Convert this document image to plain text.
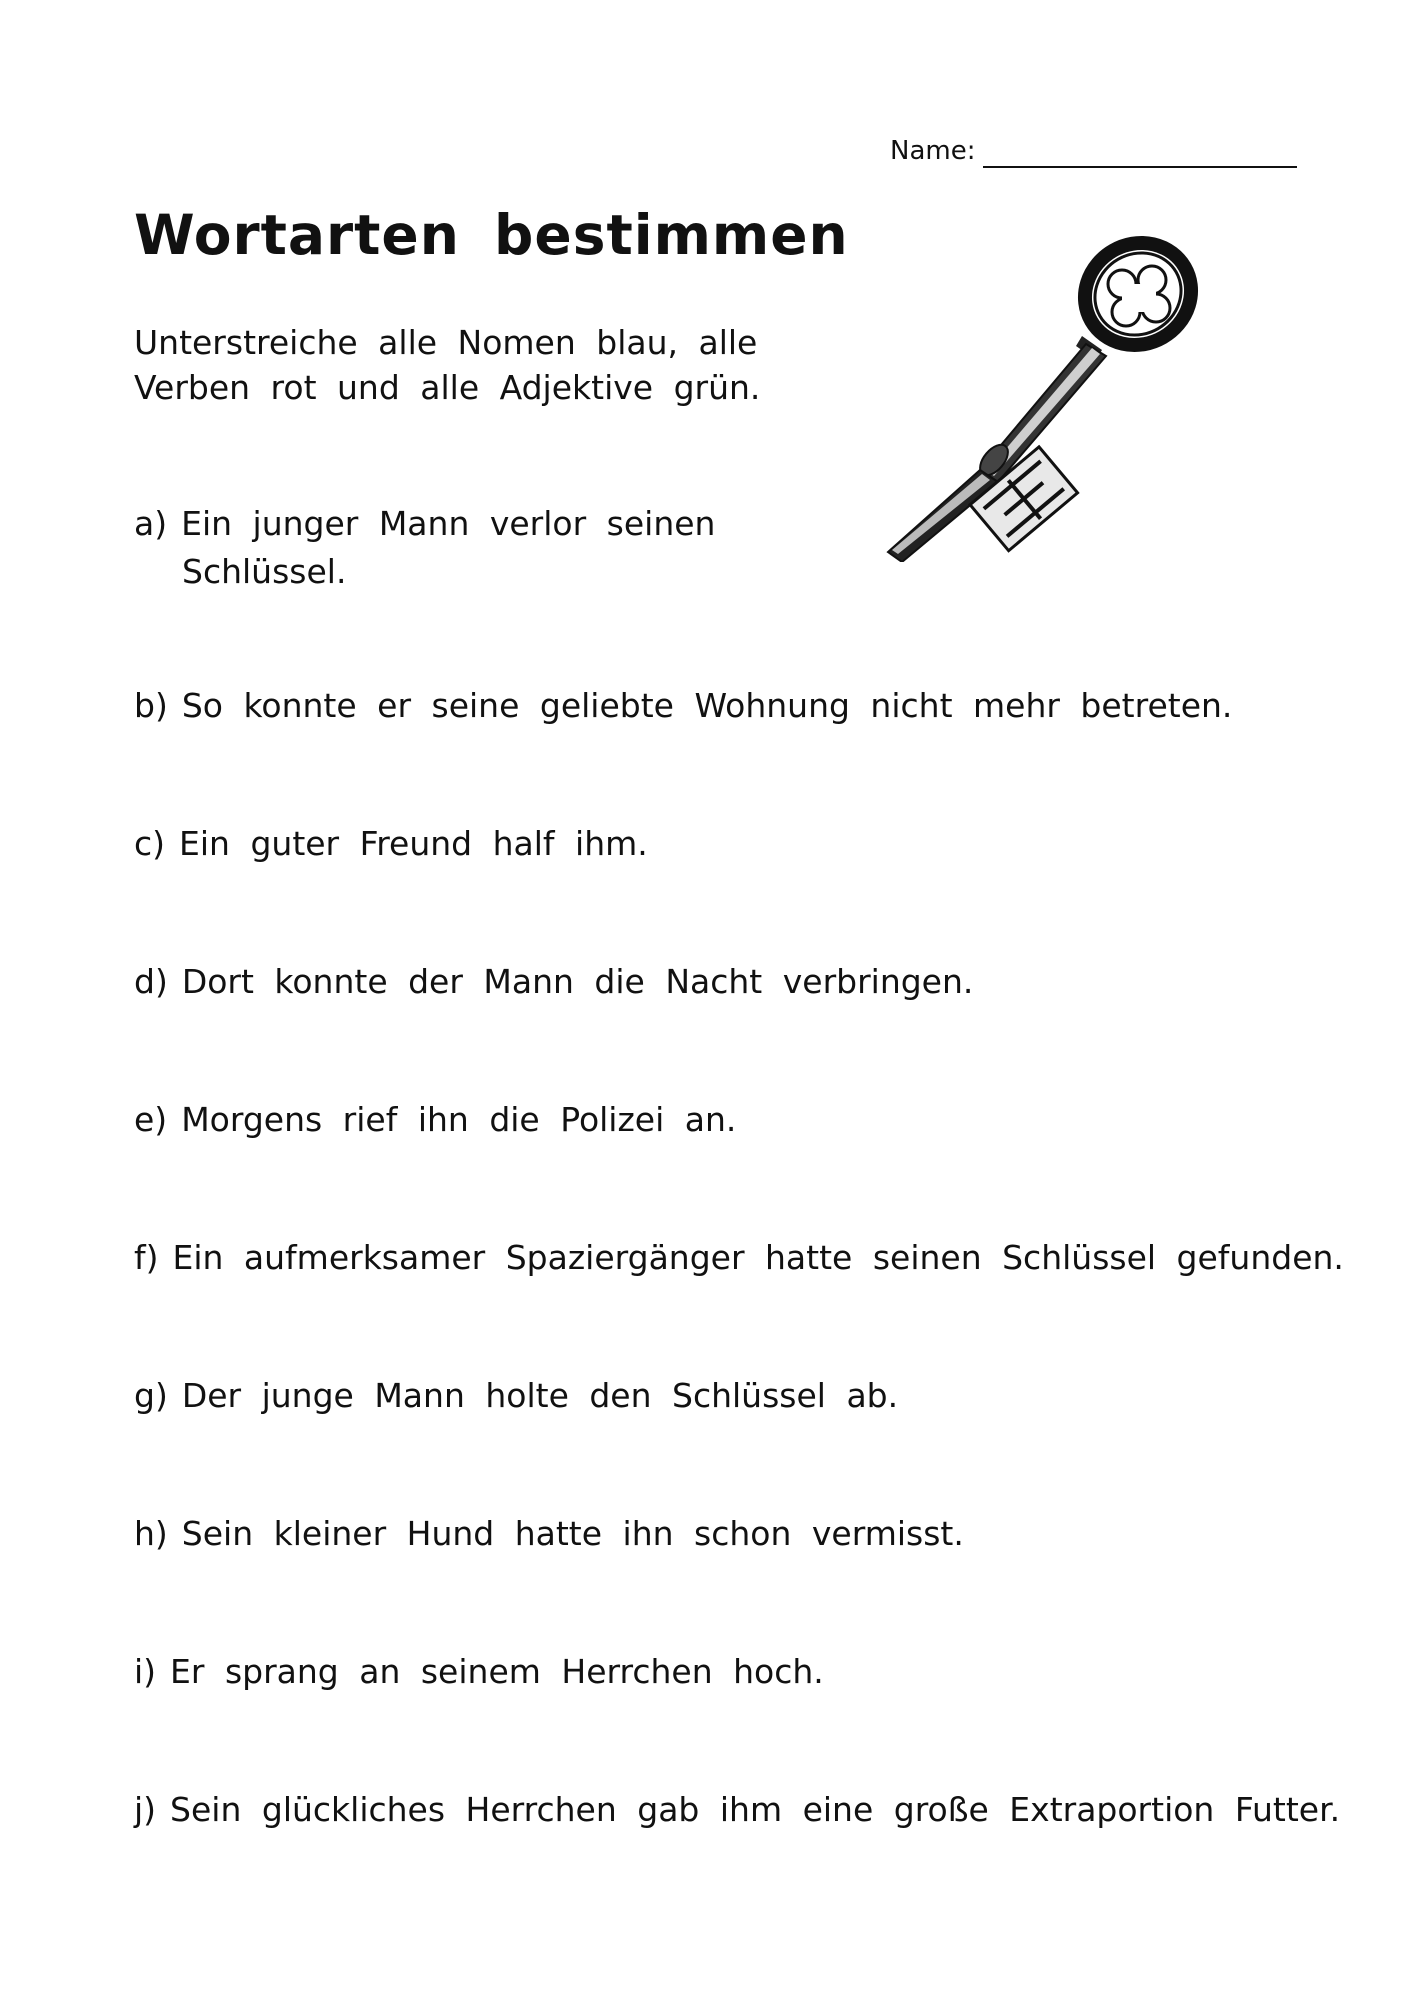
Name:
Wortarten bestimmen
Unterstreiche alle Nomen blau, alle
Verben rot und alle Adjektive grün.
a) Ein junger Mann verlor seinen
Schlüssel.
b) So konnte er seine geliebte Wohnung nicht mehr betreten.
c) Ein guter Freund half ihm.
d) Dort konnte der Mann die Nacht verbringen.
e) Morgens rief ihn die Polizei an.
f) Ein aufmerksamer Spaziergänger hatte seinen Schlüssel gefunden.
g) Der junge Mann holte den Schlüssel ab.
h) Sein kleiner Hund hatte ihn schon vermisst.
i) Er sprang an seinem Herrchen hoch.
j) Sein glückliches Herrchen gab ihm eine große Extraportion Futter.
